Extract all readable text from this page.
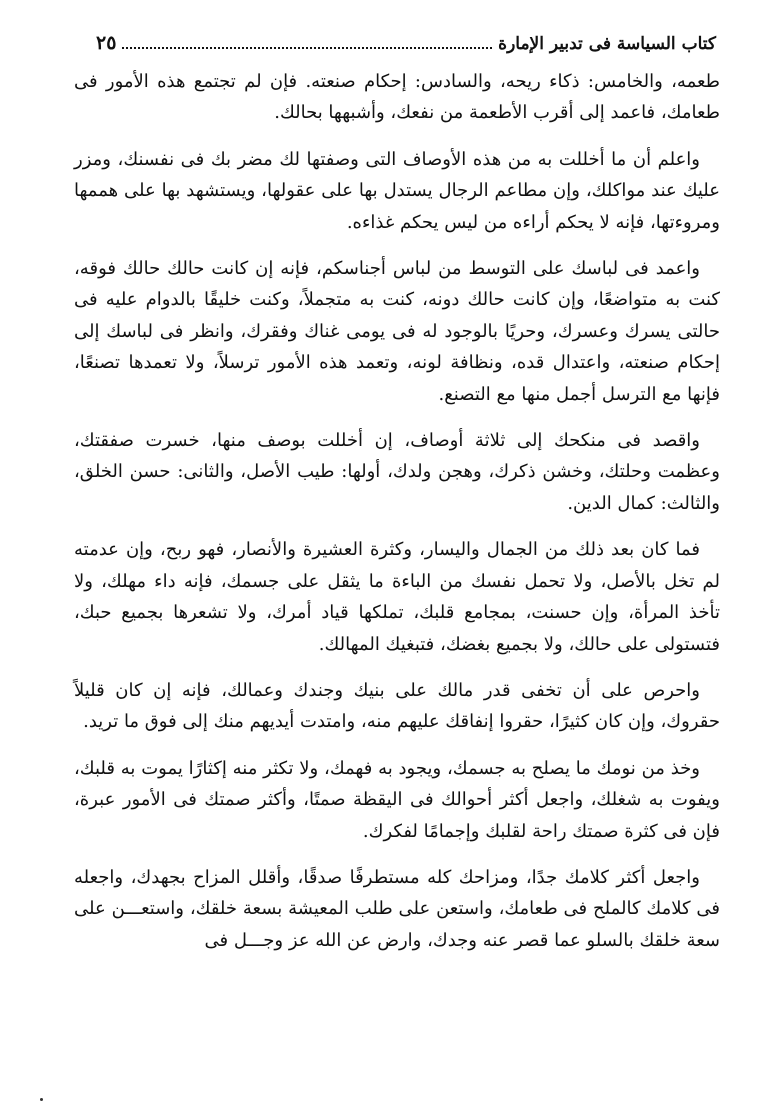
كتاب السياسة فى تدبير الإمارة
٢٥

طعمه، والخامس: ذكاء ريحه، والسادس: إحكام صنعته. فإن لم تجتمع هذه الأمور فى طعامك، فاعمد إلى أقرب الأطعمة من نفعك، وأشبهها بحالك.

واعلم أن ما أخللت به من هذه الأوصاف التى وصفتها لك مضر بك فى نفسنك، ومزر عليك عند مواكلك، وإن مطاعم الرجال يستدل بها على عقولها، ويستشهد بها على هممها ومروءتها، فإنه لا يحكم أراءه من ليس يحكم غذاءه.

واعمد فى لباسك على التوسط من لباس أجناسكم، فإنه إن كانت حالك حالك فوقه، كنت به متواضعًا، وإن كانت حالك دونه، كنت به متجملاً، وكنت خليقًا بالدوام عليه فى حالتى يسرك وعسرك، وحريًا بالوجود له فى يومى غناك وفقرك، وانظر فى لباسك إلى إحكام صنعته، واعتدال قده، ونظافة لونه، وتعمد هذه الأمور ترسلاً، ولا تعمدها تصنعًا، فإنها مع الترسل أجمل منها مع التصنع.

واقصد فى منكحك إلى ثلاثة أوصاف، إن أخللت بوصف منها، خسرت صفقتك، وعظمت وحلتك، وخشن ذكرك، وهجن ولدك، أولها: طيب الأصل، والثانى: حسن الخلق، والثالث: كمال الدين.

فما كان بعد ذلك من الجمال واليسار، وكثرة العشيرة والأنصار، فهو ربح، وإن عدمته لم تخل بالأصل، ولا تحمل نفسك من الباءة ما يثقل على جسمك، فإنه داء مهلك، ولا تأخذ المرأة، وإن حسنت، بمجامع قلبك، تملكها قياد أمرك، ولا تشعرها بجميع حبك، فتستولى على حالك، ولا بجميع بغضك، فتبغيك المهالك.

واحرص على أن تخفى قدر مالك على بنيك وجندك وعمالك، فإنه إن كان قليلاً حقروك، وإن كان كثيرًا، حقروا إنفاقك عليهم منه، وامتدت أيديهم منك إلى فوق ما تريد.

وخذ من نومك ما يصلح به جسمك، ويجود به فهمك، ولا تكثر منه إكثارًا يموت به قلبك، ويفوت به شغلك، واجعل أكثر أحوالك فى اليقظة صمتًا، وأكثر صمتك فى الأمور عبرة، فإن فى كثرة صمتك راحة لقلبك وإجمامًا لفكرك.

واجعل أكثر كلامك جدًا، ومزاحك كله مستطرفًا صدقًا، وأقلل المزاح بجهدك، واجعله فى كلامك كالملح فى طعامك، واستعن على طلب المعيشة بسعة خلقك، واستعـــن على سعة خلقك بالسلو عما قصر عنه وجدك، وارض عن الله عز وجـــل فى
